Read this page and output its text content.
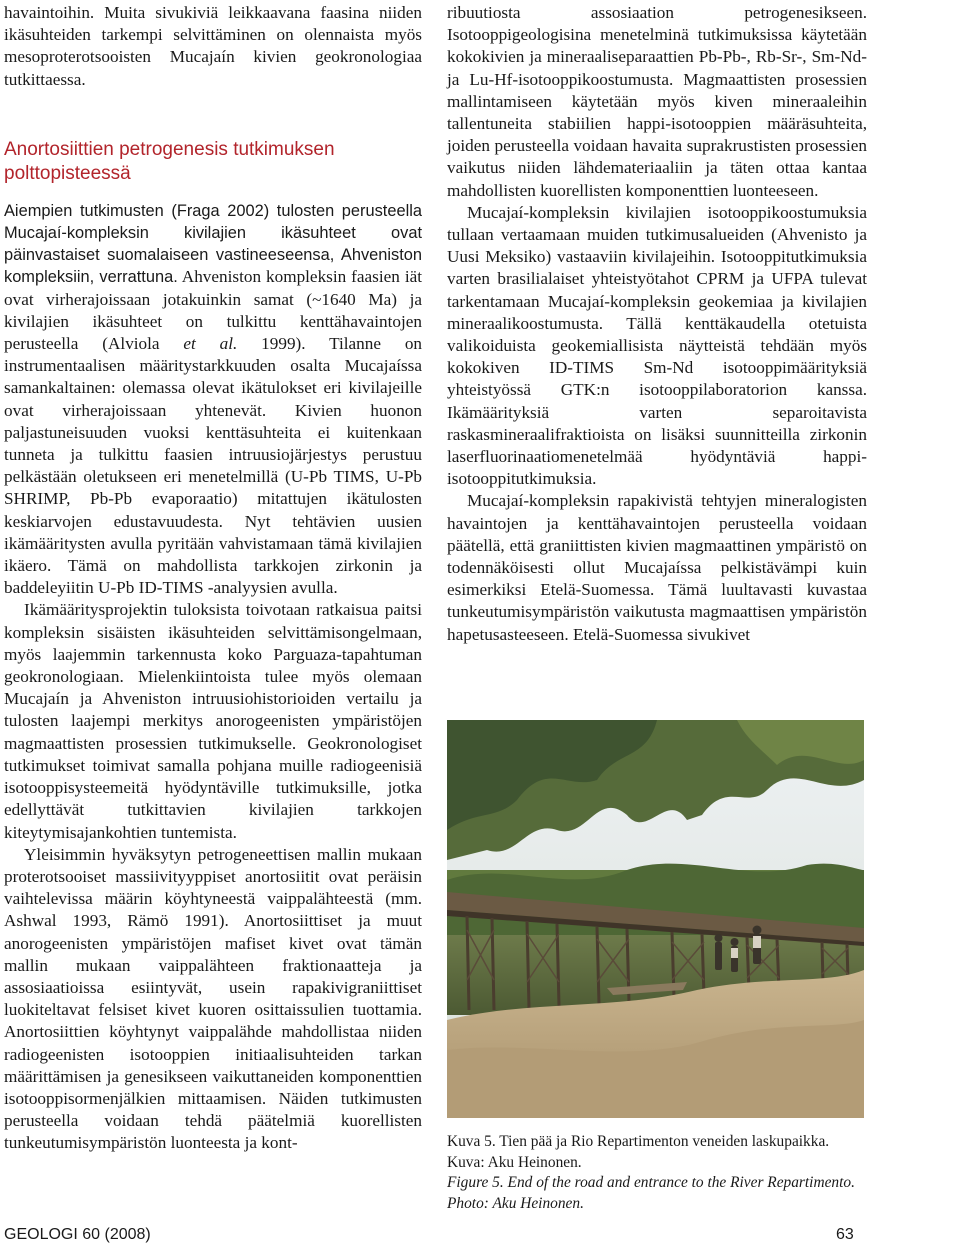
havaintoihin. Muita sivukiviä leikkaavana faasina niiden ikäsuhteiden tarkempi selvittäminen on olennaista myös mesoproterotsooisten Mucajaín kivien geokronologiaa tutkittaessa.

Anortosiittien petrogenesis tutkimuksen polttopisteessä

Aiempien tutkimusten (Fraga 2002) tulosten perusteella Mucajaí-kompleksin kivilajien ikäsuhteet ovat päinvastaiset suomalaiseen vastineeseensa, Ahveniston kompleksiin, verrattuna. Ahveniston kompleksin faasien iät ovat virherajoissaan jotakuinkin samat (~1640 Ma) ja kivilajien ikäsuhteet on tulkittu kenttähavaintojen perusteella (Alviola et al. 1999). Tilanne on instrumentaalisen määritystarkkuuden osalta Mucajaíssa samankaltainen: olemassa olevat ikätulokset eri kivilajeille ovat virherajoissaan yhtenevät. Kivien huonon paljastuneisuuden vuoksi kenttäsuhteita ei kuitenkaan tunneta ja tulkittu faasien intruusiojärjestys perustuu pelkästään oletukseen eri menetelmillä (U-Pb TIMS, U-Pb SHRIMP, Pb-Pb evaporaatio) mitattujen ikätulosten keskiarvojen edustavuudesta. Nyt tehtävien uusien ikämääritysten avulla pyritään vahvistamaan tämä kivilajien ikäero. Tämä on mahdollista tarkkojen zirkonin ja baddeleyiitin U-Pb ID-TIMS -analyysien avulla.

Ikämääritysprojektin tuloksista toivotaan ratkaisua paitsi kompleksin sisäisten ikäsuhteiden selvittämisongelmaan, myös laajemmin tarkennusta koko Parguaza-tapahtuman geokronologiaan. Mielenkiintoista tulee myös olemaan Mucajaín ja Ahveniston intruusiohistorioiden vertailu ja tulosten laajempi merkitys anorogeenisten ympäristöjen magmaattisten prosessien tutkimukselle. Geokronologiset tutkimukset toimivat samalla pohjana muille radiogeenisiä isotooppisysteemeitä hyödyntäville tutkimuksille, jotka edellyttävät tutkittavien kivilajien tarkkojen kiteytymisajankohtien tuntemista.

Yleisimmin hyväksytyn petrogeneettisen mallin mukaan proterotsooiset massiivityyppiset anortosiitit ovat peräisin vaihtelevissa määrin köyhtyneestä vaippalähteestä (mm. Ashwal 1993, Rämö 1991). Anortosiittiset ja muut anorogeenisten ympäristöjen mafiset kivet ovat tämän mallin mukaan vaippalähteen fraktionaatteja ja assosiaatioissa esiintyvät, usein rapakivigraniittiset luokiteltavat felsiset kivet kuoren osittaissulien tuottamia. Anortosiittien köyhtynyt vaippalähde mahdollistaa niiden radiogeenisten isotooppien initiaalisuhteiden tarkan määrittämisen ja genesikseen vaikuttaneiden komponenttien isotooppisormenjälkien mittaamisen. Näiden tutkimusten perusteella voidaan tehdä päätelmiä kuorellisten tunkeutumisympäristön luonteesta ja kont-

ribuutiosta assosiaation petrogenesikseen. Isotooppigeologisina menetelminä tutkimuksissa käytetään kokokivien ja mineraaliseparaattien Pb-Pb-, Rb-Sr-, Sm-Nd- ja Lu-Hf-isotooppikoostumusta. Magmaattisten prosessien mallintamiseen käytetään myös kiven mineraaleihin tallentuneita stabiilien happi-isotooppien määräsuhteita, joiden perusteella voidaan havaita suprakrustisten prosessien vaikutus niiden lähdemateriaaliin ja täten ottaa kantaa mahdollisten kuorellisten komponenttien luonteeseen.

Mucajaí-kompleksin kivilajien isotooppikoostumuksia tullaan vertaamaan muiden tutkimusalueiden (Ahvenisto ja Uusi Meksiko) vastaaviin kivilajeihin. Isotooppitutkimuksia varten brasilialaiset yhteistyötahot CPRM ja UFPA tulevat tarkentamaan Mucajaí-kompleksin geokemiaa ja kivilajien mineraalikoostumusta. Tällä kenttäkaudella otetuista valikoiduista geokemiallisista näytteistä tehdään myös kokokiven ID-TIMS Sm-Nd isotooppimäärityksiä yhteistyössä GTK:n isotooppilaboratorion kanssa. Ikämäärityksiä varten separoitavista raskasmineraalifraktioista on lisäksi suunnitteilla zirkonin laserfluorinaatiomenetelmää hyödyntäviä happi-isotooppitutkimuksia.

Mucajaí-kompleksin rapakivistä tehtyjen mineralogisten havaintojen ja kenttähavaintojen perusteella voidaan päätellä, että graniittisten kivien magmaattinen ympäristö on todennäköisesti ollut Mucajaíssa pelkistävämpi kuin esimerkiksi Etelä-Suomessa. Tämä luultavasti kuvastaa tunkeutumisympäristön vaikutusta magmaattisen ympäristön hapetusasteeseen. Etelä-Suomessa sivukivet

Kuva 5. Tien pää ja Rio Repartimenton veneiden laskupaikka. Kuva: Aku Heinonen.

Figure 5. End of the road and entrance to the River Repartimento. Photo: Aku Heinonen.

GEOLOGI 60 (2008)	63
